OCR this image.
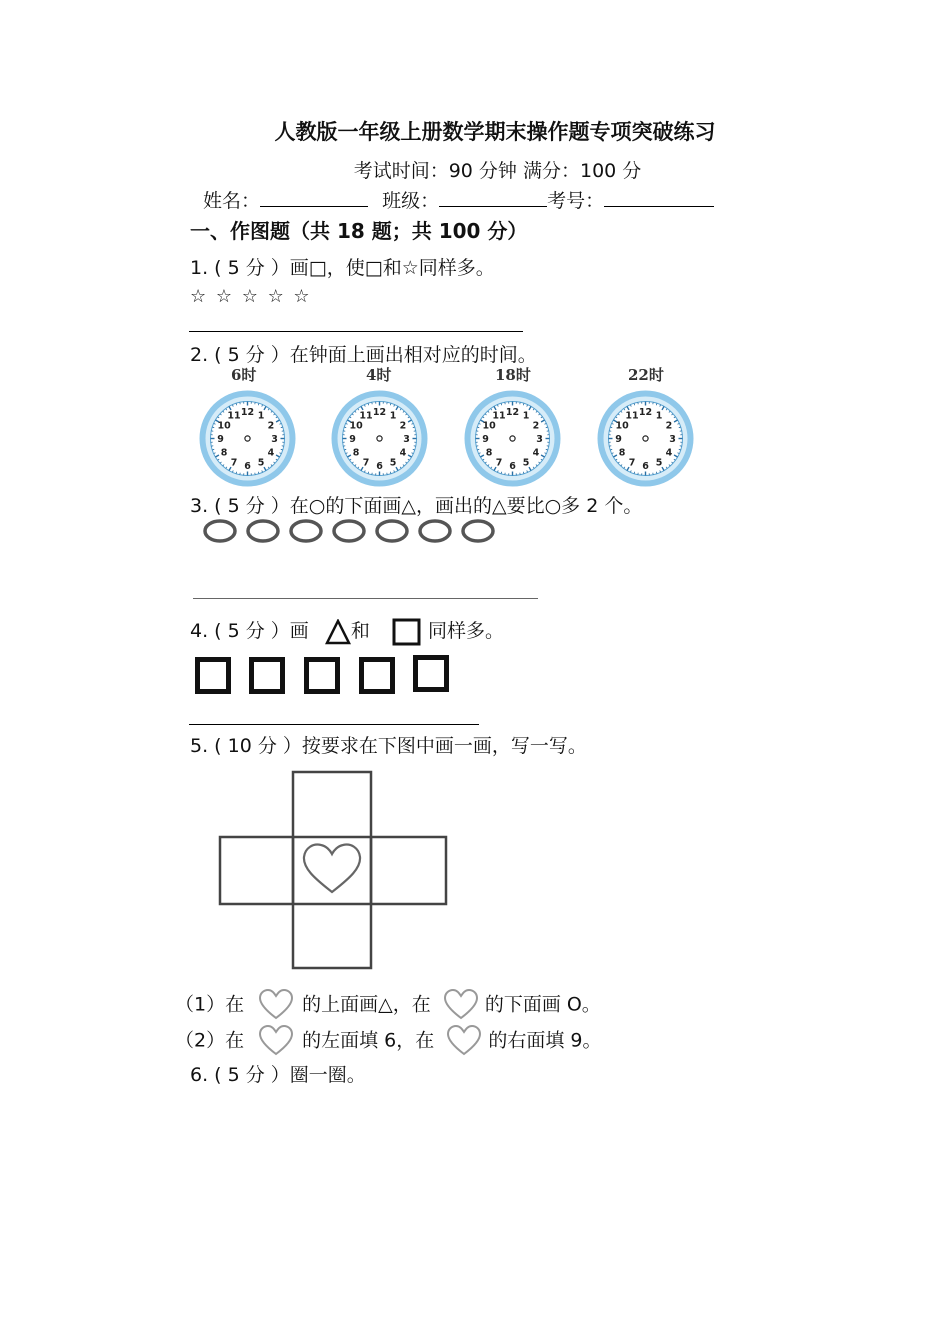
人教版一年级上册数学期末操作题专项突破练习
考试时间：90 分钟 满分：100 分
姓名：	班级：	考号：
一、作图题（共 18 题；共 100 分）
1. ( 5 分 ）画□，使□和☆同样多。
☆ ☆ ☆ ☆ ☆
2. ( 5 分 ）在钟面上画出相对应的时间。
6时	4时	18时	22时
1
2
3
4
5
6
7
8
9
10
11 12	1
2
3
4
5
6
7
8
9
10
11 12	1
2
3
4
5
6
7
8
9
10
11 12	1
2
3
4
5
6
7
8
9
10
11 12
3. ( 5 分 ）在○的下面画△，画出的△要比○多 2 个。
4. ( 5 分 ）画 和	同样多。
5. ( 10 分 ）按要求在下图中画一画，写一写。
（1）在	的上面画△，在	的下面画 O。
（2）在	的左面填 6，在	的右面填 9。
6. ( 5 分 ）圈一圈。
